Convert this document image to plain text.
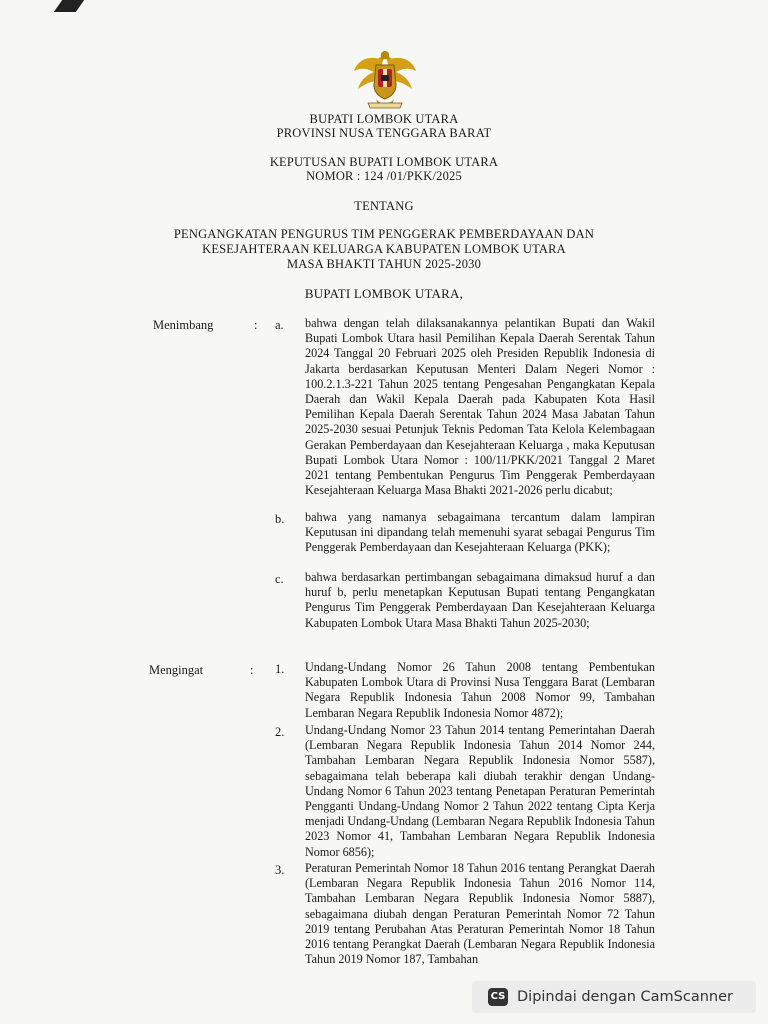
BUPATI LOMBOK UTARA
PROVINSI NUSA TENGGARA BARAT
KEPUTUSAN BUPATI LOMBOK UTARA
NOMOR : 124 /01/PKK/2025
TENTANG
PENGANGKATAN PENGURUS TIM PENGGERAK PEMBERDAYAAN DAN
KESEJAHTERAAN KELUARGA KABUPATEN LOMBOK UTARA
MASA BHAKTI TAHUN 2025-2030
BUPATI LOMBOK UTARA,
Menimbang	: a. bahwa dengan telah dilaksanakannya pelantikan Bupati dan Wakil Bupati Lombok Utara hasil Pemilihan Kepala Daerah Serentak Tahun 2024 Tanggal 20 Februari 2025 oleh Presiden Republik Indonesia di Jakarta berdasarkan Keputusan Menteri Dalam Negeri Nomor : 100.2.1.3-221 Tahun 2025 tentang Pengesahan Pengangkatan Kepala Daerah dan Wakil Kepala Daerah pada Kabupaten Kota Hasil Pemilihan Kepala Daerah Serentak Tahun 2024 Masa Jabatan Tahun 2025-2030 sesuai Petunjuk Teknis Pedoman Tata Kelola Kelembagaan Gerakan Pemberdayaan dan Kesejahteraan Keluarga , maka Keputusan Bupati Lombok Utara Nomor : 100/11/PKK/2021 Tanggal 2 Maret 2021 tentang Pembentukan Pengurus Tim Penggerak Pemberdayaan Kesejahteraan Keluarga Masa Bhakti 2021-2026 perlu dicabut;

b. bahwa yang namanya sebagaimana tercantum dalam lampiran Keputusan ini dipandang telah memenuhi syarat sebagai Pengurus Tim Penggerak Pemberdayaan dan Kesejahteraan Keluarga (PKK);

c. bahwa berdasarkan pertimbangan sebagaimana dimaksud huruf a dan huruf b, perlu menetapkan Keputusan Bupati tentang Pengangkatan Pengurus Tim Penggerak Pemberdayaan Dan Kesejahteraan Keluarga Kabupaten Lombok Utara Masa Bhakti Tahun 2025-2030;

Mengingat	: 1. Undang-Undang Nomor 26 Tahun 2008 tentang Pembentukan Kabupaten Lombok Utara di Provinsi Nusa Tenggara Barat (Lembaran Negara Republik Indonesia Tahun 2008 Nomor 99, Tambahan Lembaran Negara Republik Indonesia Nomor 4872);

2. Undang-Undang Nomor 23 Tahun 2014 tentang Pemerintahan Daerah (Lembaran Negara Republik Indonesia Tahun 2014 Nomor 244, Tambahan Lembaran Negara Republik Indonesia Nomor 5587), sebagaimana telah beberapa kali diubah terakhir dengan Undang-Undang Nomor 6 Tahun 2023 tentang Penetapan Peraturan Pemerintah Pengganti Undang-Undang Nomor 2 Tahun 2022 tentang Cipta Kerja menjadi Undang-Undang (Lembaran Negara Republik Indonesia Tahun 2023 Nomor 41, Tambahan Lembaran Negara Republik Indonesia Nomor 6856);

3. Peraturan Pemerintah Nomor 18 Tahun 2016 tentang Perangkat Daerah (Lembaran Negara Republik Indonesia Tahun 2016 Nomor 114, Tambahan Lembaran Negara Republik Indonesia Nomor 5887), sebagaimana diubah dengan Peraturan Pemerintah Nomor 72 Tahun 2019 tentang Perubahan Atas Peraturan Pemerintah Nomor 18 Tahun 2016 tentang Perangkat Daerah (Lembaran Negara Republik Indonesia Tahun 2019 Nomor 187, Tambahan

CS Dipindai dengan CamScanner
